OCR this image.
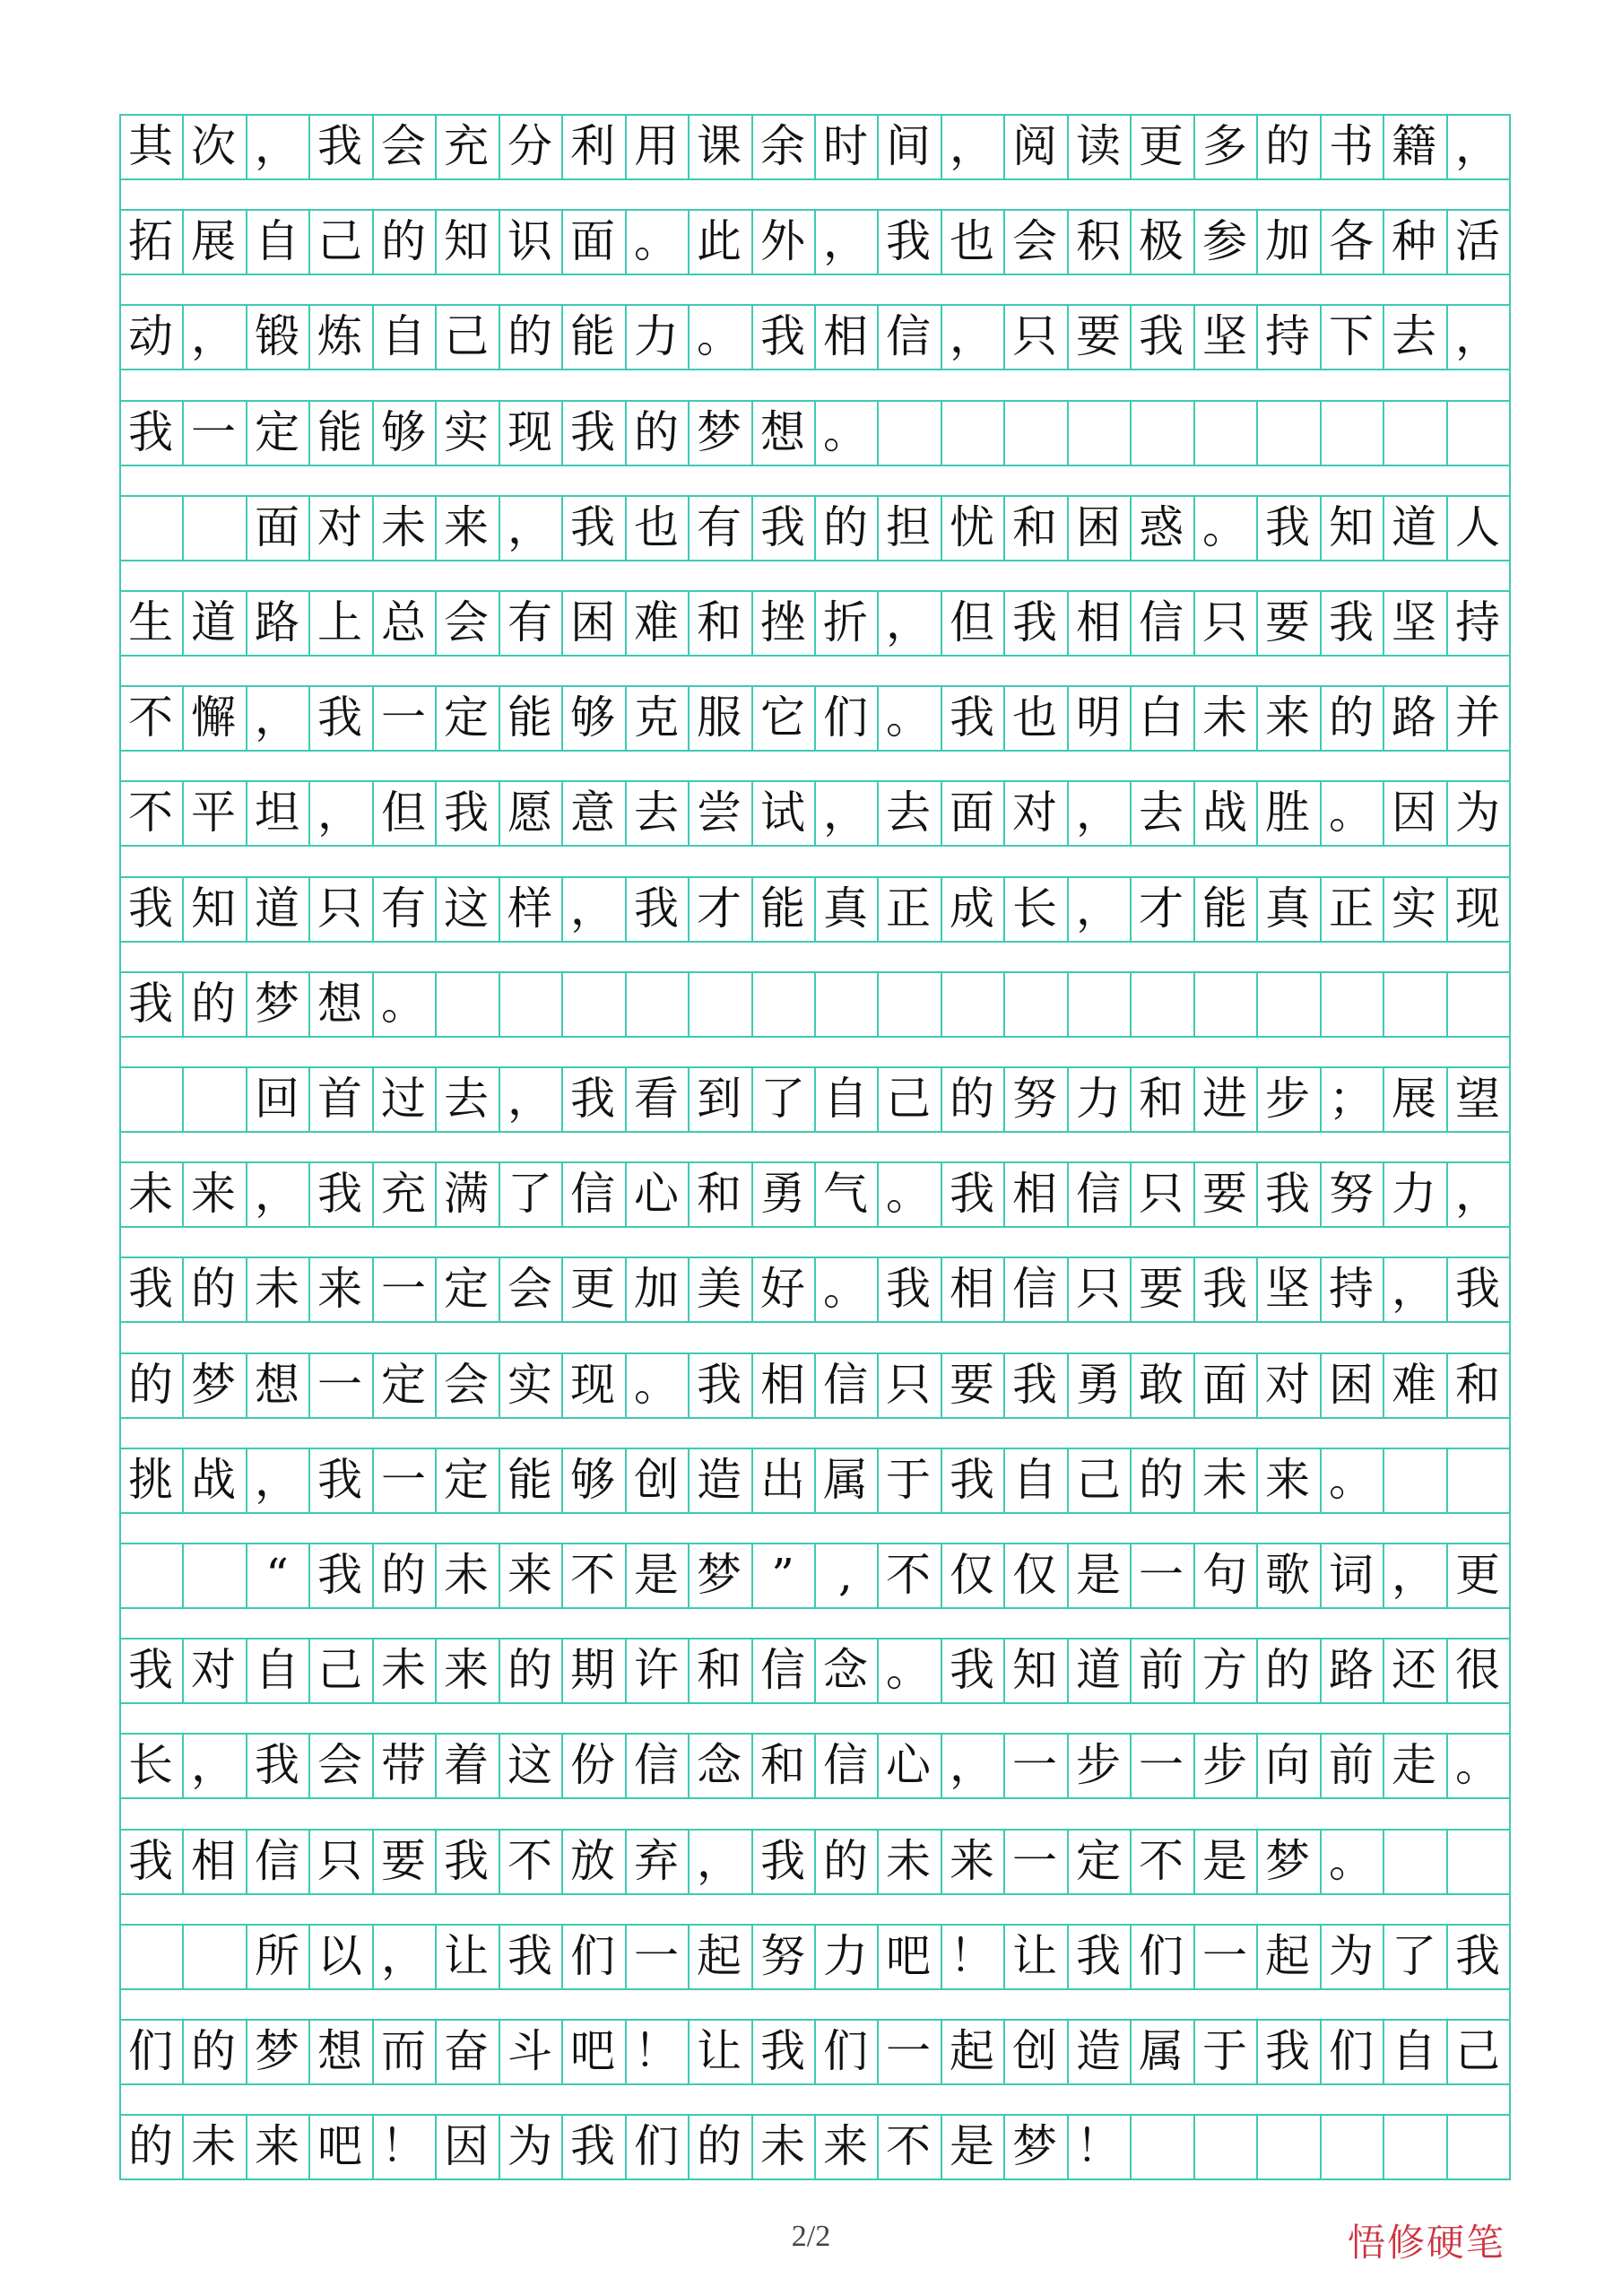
其 次 ， 我 会 充 分 利 用 课 余 时 间 ， 阅 读 更 多 的 书 籍 ，
拓 展 自 己 的 知 识 面 。 此 外 ， 我 也 会 积 极 参 加 各 种 活
动 ， 锻 炼 自 己 的 能 力 。 我 相 信 ， 只 要 我 坚 持 下 去 ，
我 一 定 能 够 实 现 我 的 梦 想 。
面 对 未 来 ， 我 也 有 我 的 担 忧 和 困 惑 。 我 知 道 人
生 道 路 上 总 会 有 困 难 和 挫 折 ， 但 我 相 信 只 要 我 坚 持
不 懈 ， 我 一 定 能 够 克 服 它 们 。 我 也 明 白 未 来 的 路 并
不 平 坦 ， 但 我 愿 意 去 尝 试 ， 去 面 对 ， 去 战 胜 。 因 为
我 知 道 只 有 这 样 ， 我 才 能 真 正 成 长 ， 才 能 真 正 实 现
我 的 梦 想 。
回 首 过 去 ， 我 看 到 了 自 己 的 努 力 和 进 步 ； 展 望
未 来 ， 我 充 满 了 信 心 和 勇 气 。 我 相 信 只 要 我 努 力 ，
我 的 未 来 一 定 会 更 加 美 好 。 我 相 信 只 要 我 坚 持 ， 我
的 梦 想 一 定 会 实 现 。 我 相 信 只 要 我 勇 敢 面 对 困 难 和
挑 战 ， 我 一 定 能 够 创 造 出 属 于 我 自 己 的 未 来 。
“ 我 的 未 来 不 是 梦 ” , 不 仅 仅 是 一 句 歌 词 ， 更
我 对 自 己 未 来 的 期 许 和 信 念 。 我 知 道 前 方 的 路 还 很
长 ， 我 会 带 着 这 份 信 念 和 信 心 ， 一 步 一 步 向 前 走 。
我 相 信 只 要 我 不 放 弃 ， 我 的 未 来 一 定 不 是 梦 。
所 以 ， 让 我 们 一 起 努 力 吧 ！ 让 我 们 一 起 为 了 我
们 的 梦 想 而 奋 斗 吧 ！ 让 我 们 一 起 创 造 属 于 我 们 自 己
的 未 来 吧 ！ 因 为 我 们 的 未 来 不 是 梦 ！
2/2	悟修硬笔
